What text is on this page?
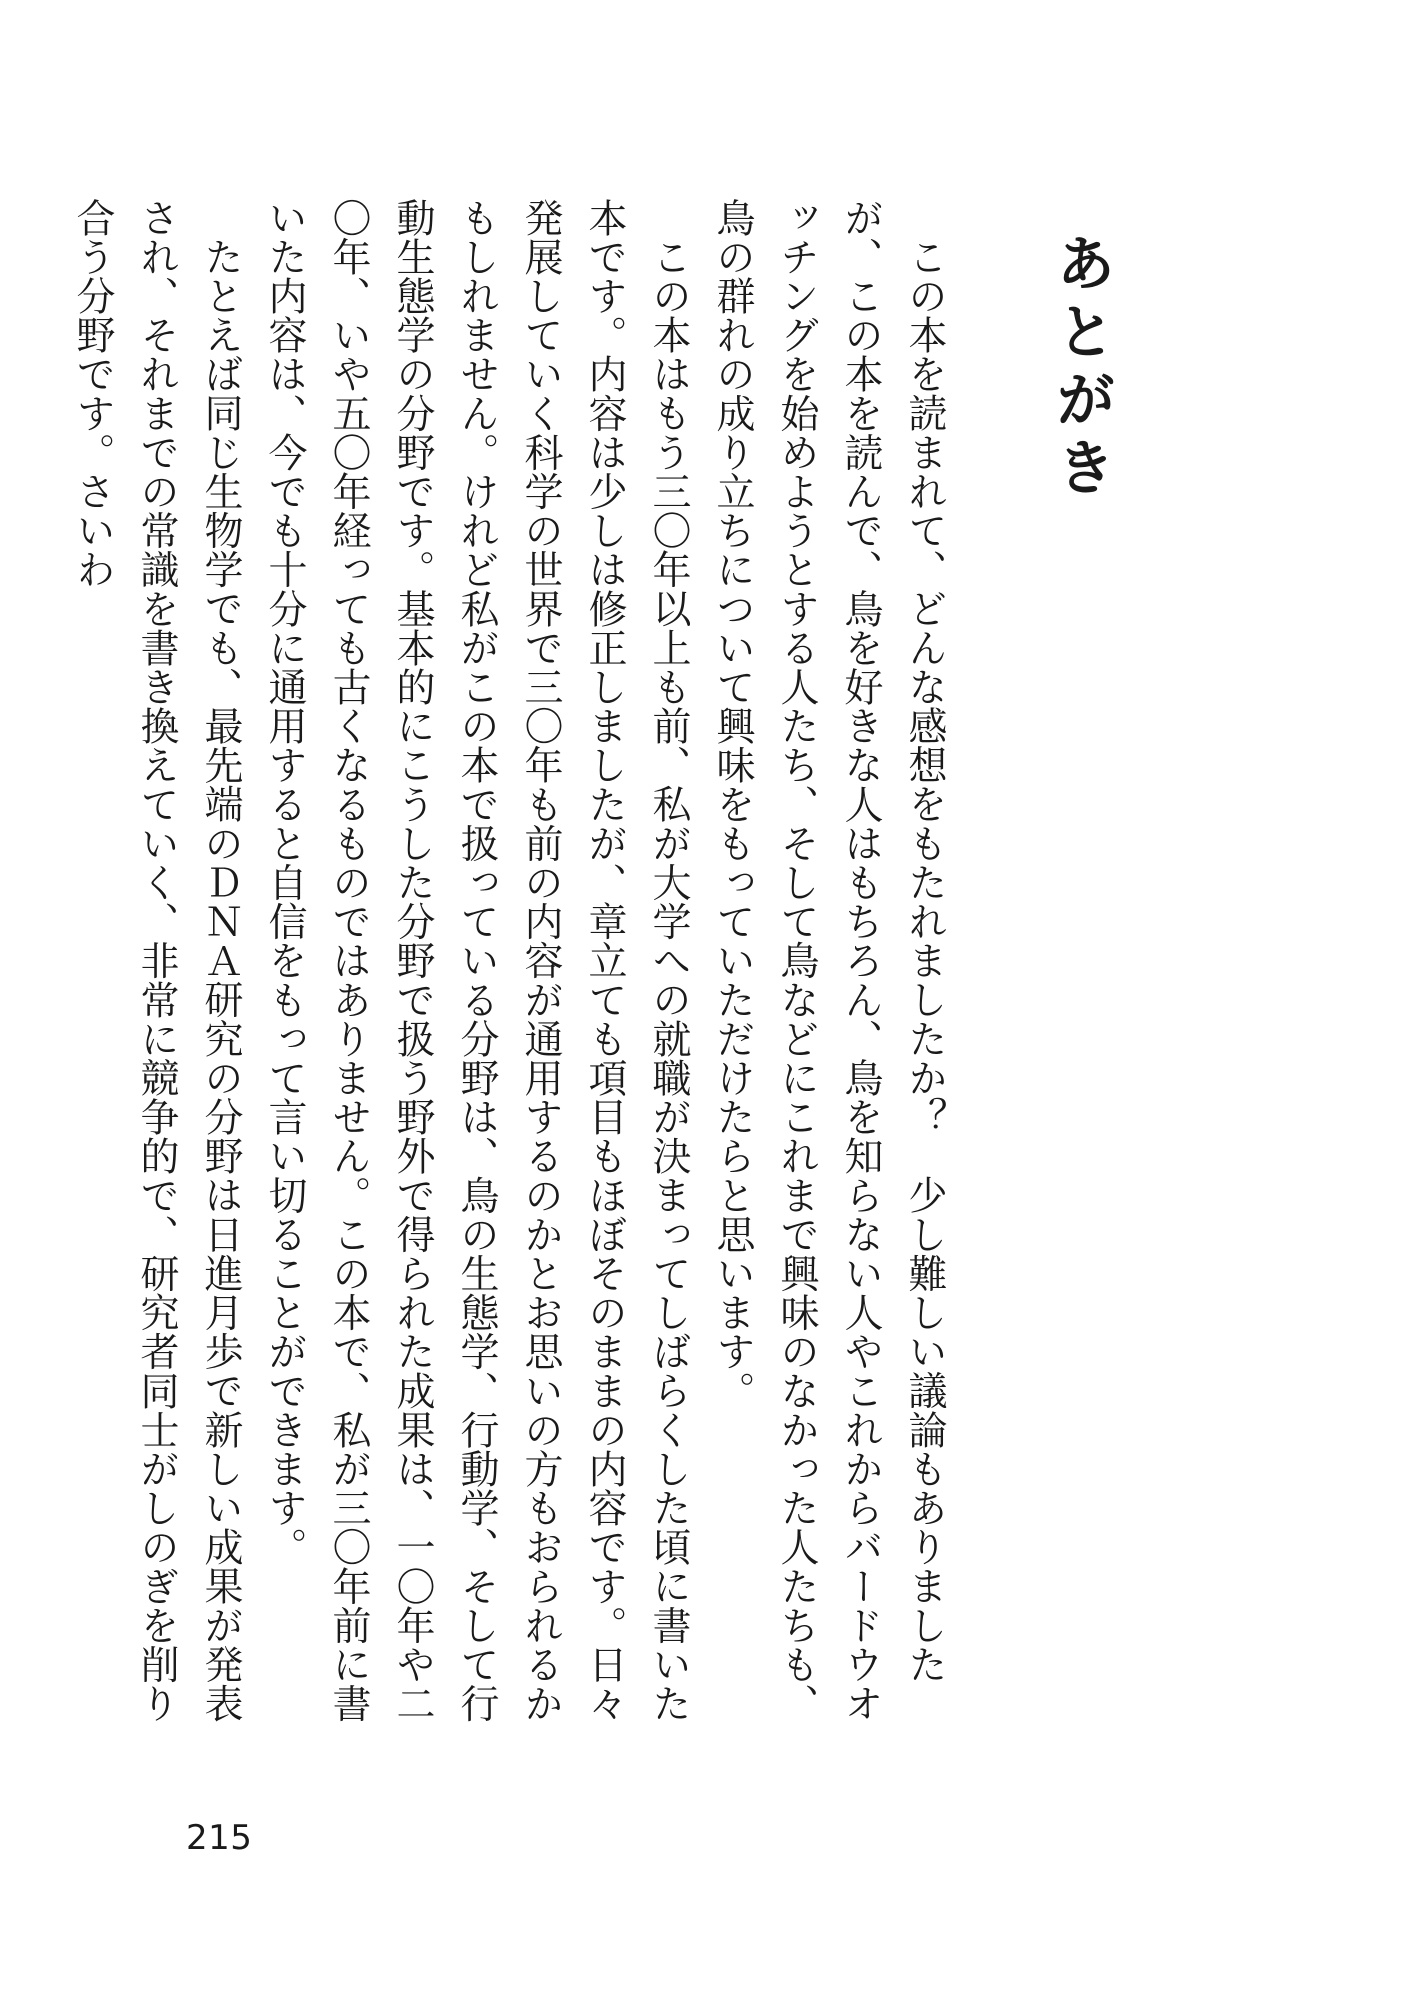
あとがき

この本を読まれて、どんな感想をもたれましたか？　少し難しい議論もありましたが、この本を読んで、鳥を好きな人はもちろん、鳥を知らない人やこれからバードウオッチングを始めようとする人たち、そして鳥などにこれまで興味のなかった人たちも、鳥の群れの成り立ちについて興味をもっていただけたらと思います。

この本はもう三〇年以上も前、私が大学への就職が決まってしばらくした頃に書いた本です。内容は少しは修正しましたが、章立ても項目もほぼそのままの内容です。日々発展していく科学の世界で三〇年も前の内容が通用するのかとお思いの方もおられるかもしれません。けれど私がこの本で扱っている分野は、鳥の生態学、行動学、そして行動生態学の分野です。基本的にこうした分野で扱う野外で得られた成果は、一〇年や二〇年、いや五〇年経っても古くなるものではありません。この本で、私が三〇年前に書いた内容は、今でも十分に通用すると自信をもって言い切ることができます。

たとえば同じ生物学でも、最先端のＤＮＡ研究の分野は日進月歩で新しい成果が発表され、それまでの常識を書き換えていく、非常に競争的で、研究者同士がしのぎを削り合う分野です。さいわ

215
